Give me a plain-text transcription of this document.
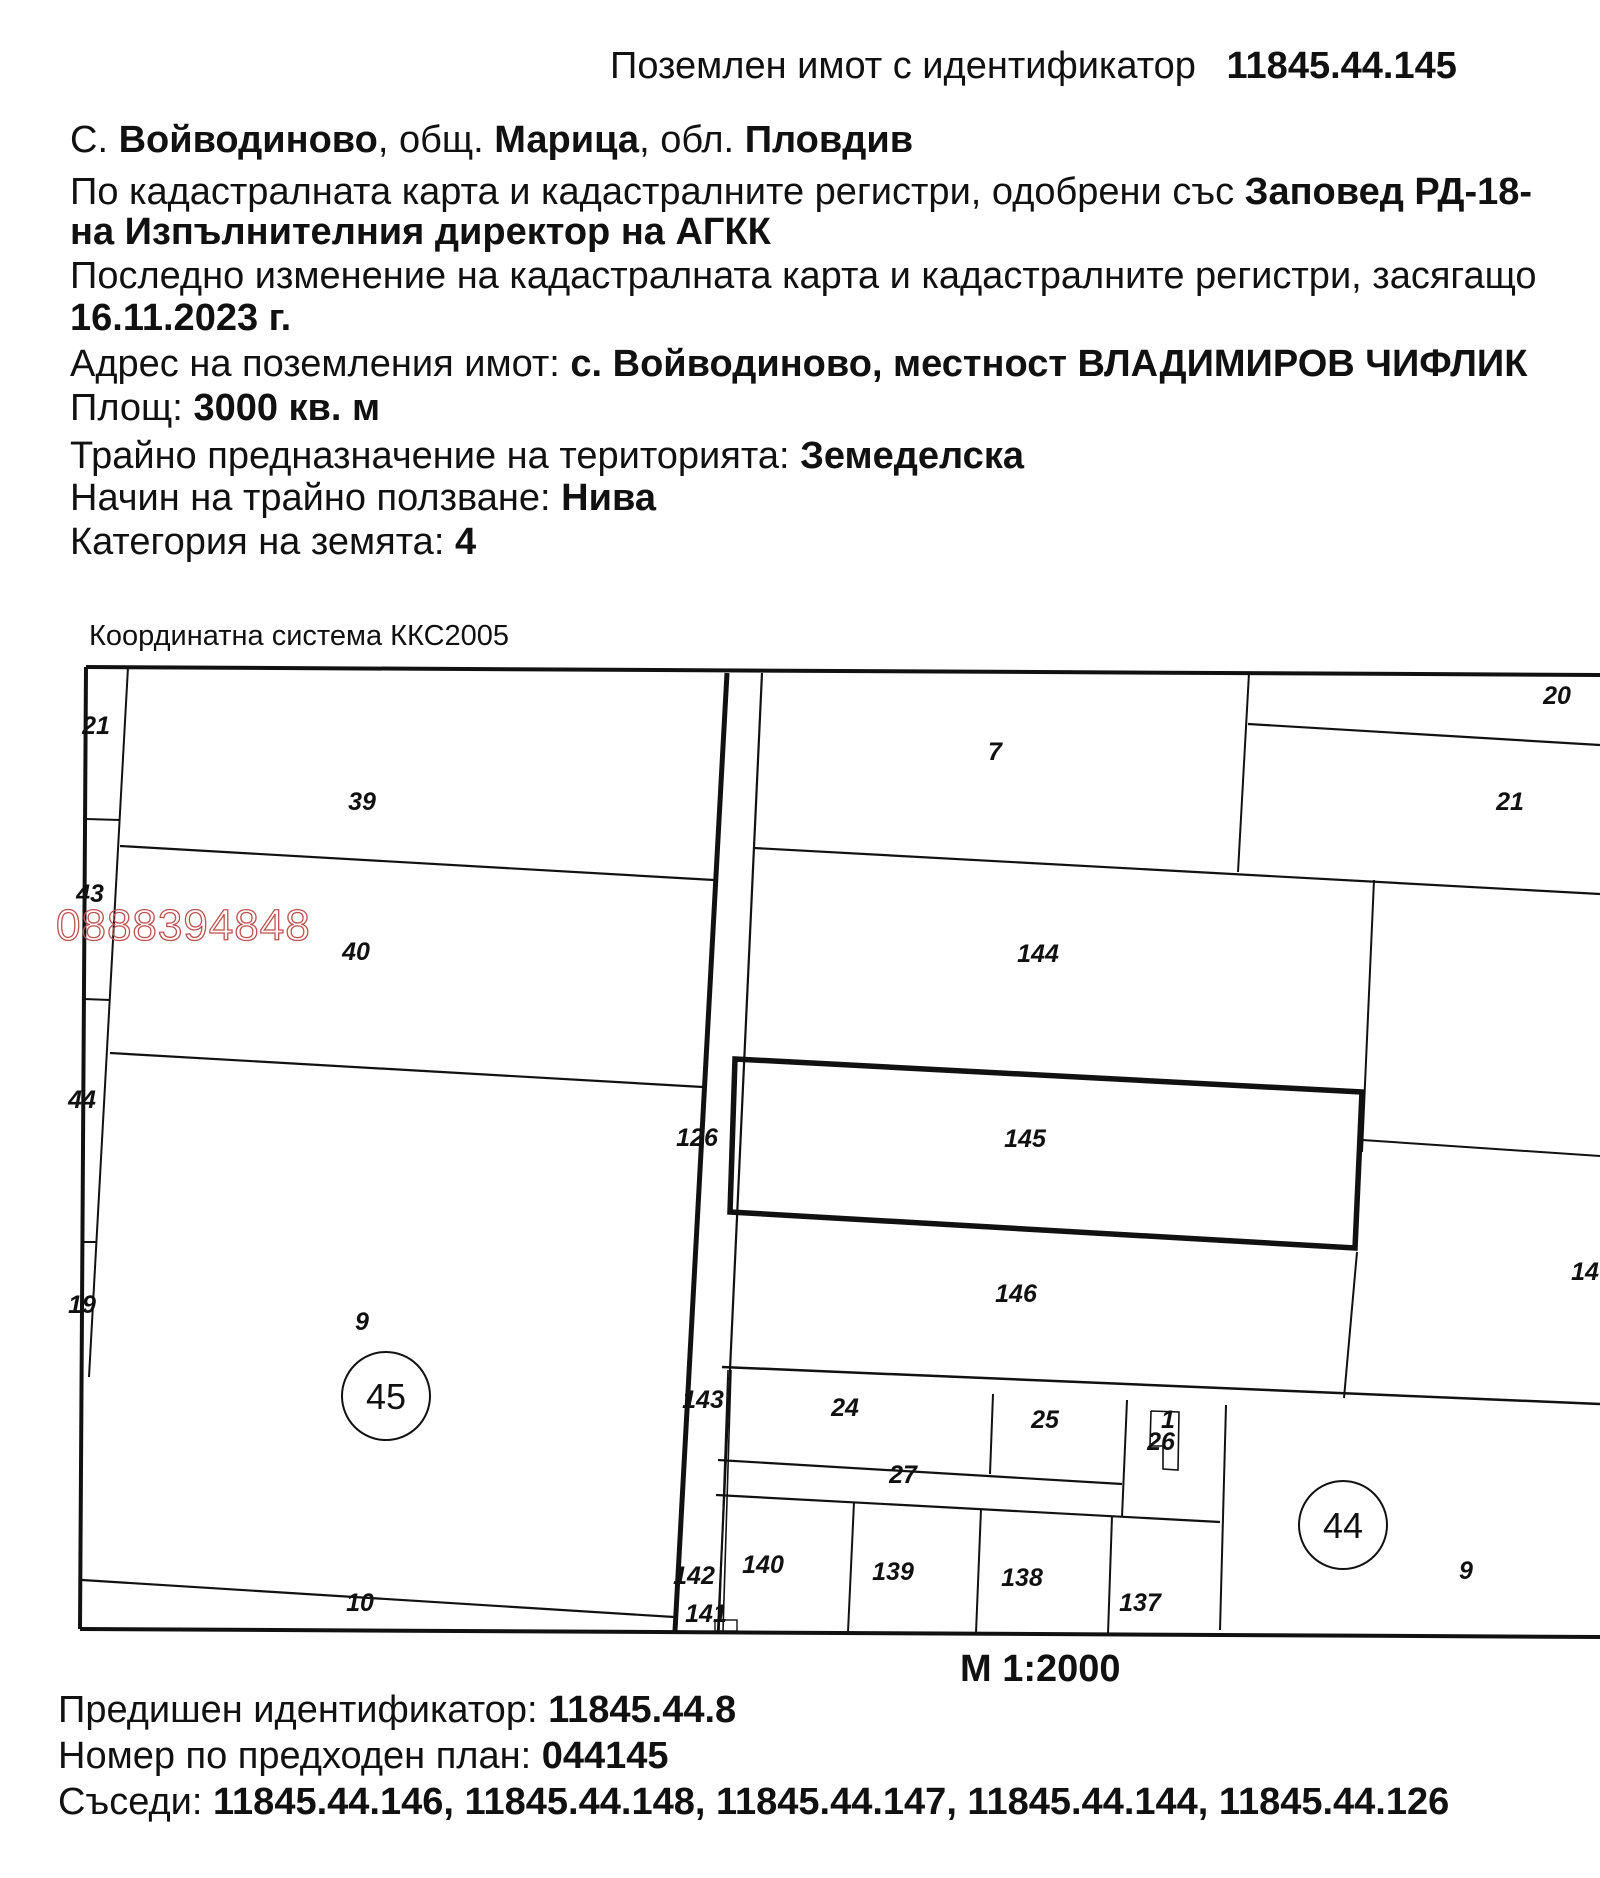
Поземлен имот с идентификатор 11845.44.145
С. Войводиново, общ. Марица, обл. Пловдив
По кадастралната карта и кадастралните регистри, одобрени със Заповед РД-18-
на Изпълнителния директор на АГКК
Последно изменение на кадастралната карта и кадастралните регистри, засягащо
16.11.2023 г.
Адрес на поземления имот: с. Войводиново, местност ВЛАДИМИРОВ ЧИФЛИК
Площ: 3000 кв. м
Трайно предназначение на територията: Земеделска
Начин на трайно ползване: Нива
Категория на земята: 4
Координатна система ККС2005
0888394848
21
39
43
40
44
126
19
9
10
7
20
21
144
145
146
14
143	24	25	1
26
27
142 140	139	138
141	137
9
45
44
М 1:2000
Предишен идентификатор: 11845.44.8
Номер по предходен план: 044145
Съседи: 11845.44.146, 11845.44.148, 11845.44.147, 11845.44.144, 11845.44.126
